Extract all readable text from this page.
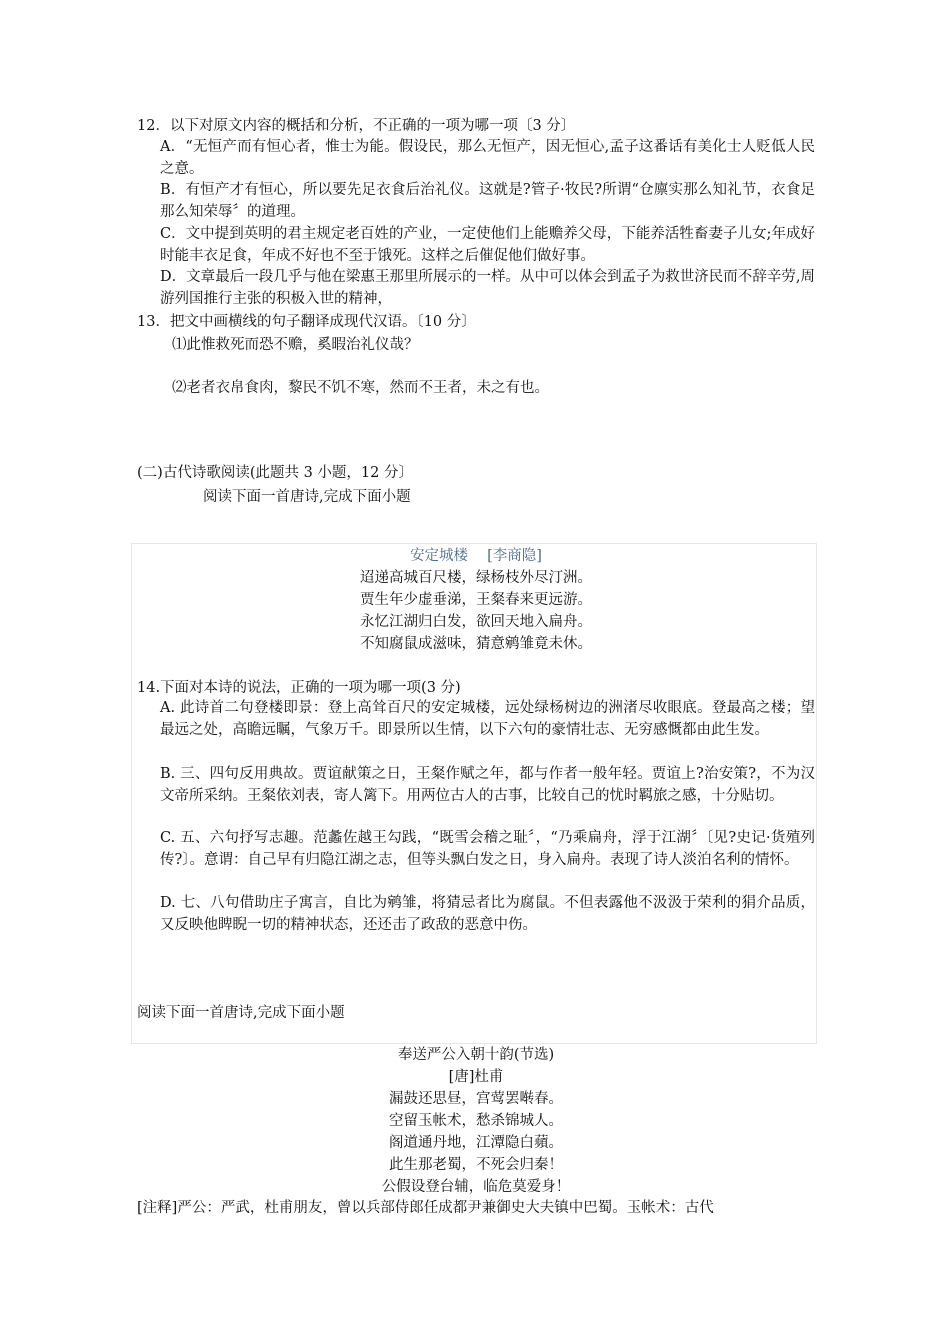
12．以下对原文内容的概括和分析，不正确的一项为哪一项〔3 分〕
A．“无恒产而有恒心者，惟士为能。假设民，那么无恒产，因无恒心,孟子这番话有美化士人贬低人民之意。
B．有恒产才有恒心，所以要先足衣食后治礼仪。这就是?管子·牧民?所谓“仓廪实那么知礼节，衣食足那么知荣辱〞的道理。
C．文中提到英明的君主规定老百姓的产业，一定使他们上能赡养父母，下能养活牲畜妻子儿女;年成好时能丰衣足食，年成不好也不至于饿死。这样之后催促他们做好事。
D．文章最后一段几乎与他在梁惠王那里所展示的一样。从中可以体会到孟子为救世济民而不辞辛劳,周游列国推行主张的积极入世的精神，
13．把文中画横线的句子翻译成现代汉语。〔10 分〕
⑴此惟救死而恐不赡，奚暇治礼仪哉？
⑵老者衣帛食肉，黎民不饥不寒，然而不王者，未之有也。
(二)古代诗歌阅读(此题共 3 小题，12 分〕
阅读下面一首唐诗,完成下面小题
安定城楼　 [李商隐]
迢递高城百尺楼，绿杨枝外尽汀洲。
贾生年少虚垂涕，王粲春来更远游。
永忆江湖归白发，欲回天地入扁舟。
不知腐鼠成滋味，猜意鹓雏竟未休。
14.下面对本诗的说法，正确的一项为哪一项(3 分)
A. 此诗首二句登楼即景：登上高耸百尺的安定城楼，远处绿杨树边的洲渚尽收眼底。登最高之楼；望最远之处，高瞻远瞩，气象万千。即景所以生情，以下六句的豪情壮志、无穷感慨都由此生发。
B. 三、四句反用典故。贾谊献策之日，王粲作赋之年，都与作者一般年轻。贾谊上?治安策?，不为汉文帝所采纳。王粲依刘表，寄人篱下。用两位古人的古事，比较自己的忧时羁旅之感，十分贴切。
C. 五、六句抒写志趣。范蠡佐越王勾践，“既雪会稽之耻〞，“乃乘扁舟，浮于江湖〞〔见?史记·货殖列传?〕。意谓：自己早有归隐江湖之志，但等头飘白发之日，身入扁舟。表现了诗人淡泊名利的情怀。
D. 七、八句借助庄子寓言，自比为鹓雏，将猜忌者比为腐鼠。不但表露他不汲汲于荣利的狷介品质，又反映他睥睨一切的精神状态，还还击了政敌的恶意中伤。
阅读下面一首唐诗,完成下面小题
奉送严公入朝十韵(节选)
[唐]杜甫
漏鼓还思昼，宫莺罢啭春。
空留玉帐术，愁杀锦城人。
阁道通丹地，江潭隐白蘋。
此生那老蜀，不死会归秦！
公假设登台辅，临危莫爱身！
[注释]严公：严武，杜甫朋友，曾以兵部侍郎任成都尹兼御史大夫镇中巴蜀。玉帐术：古代
